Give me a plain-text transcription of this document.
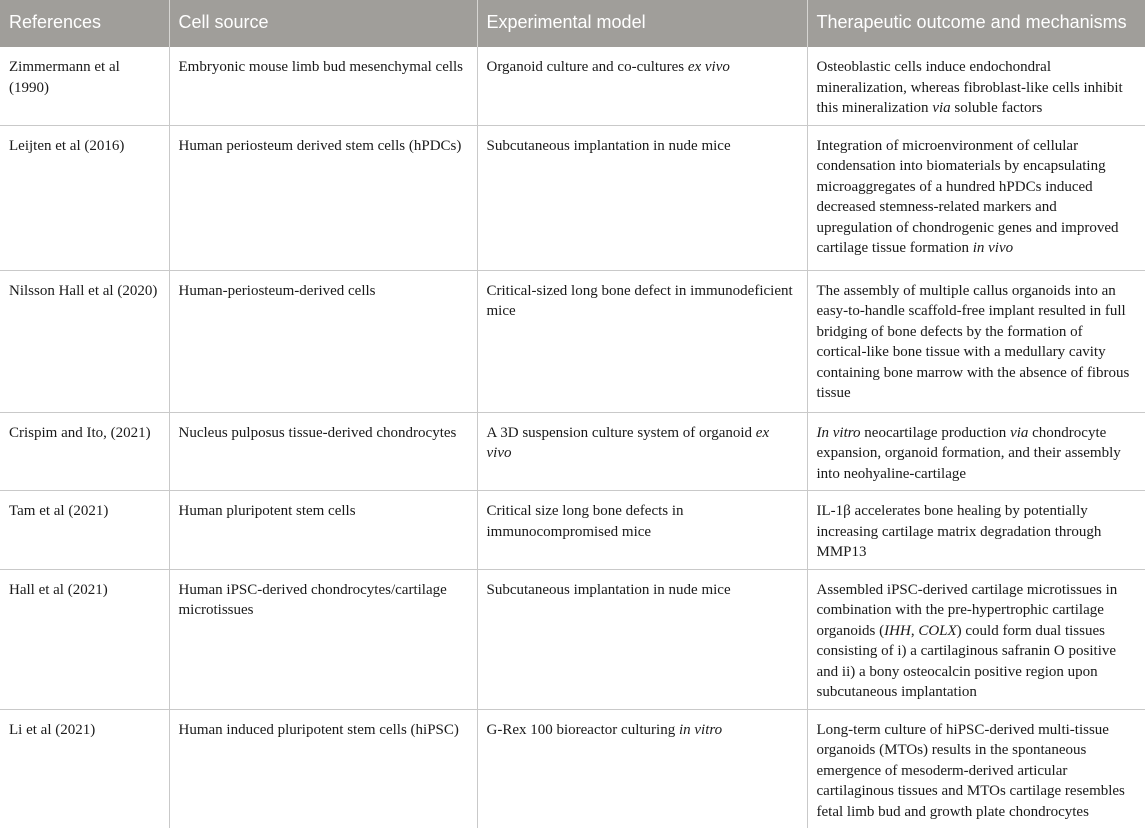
References	Cell source	Experimental model	Therapeutic outcome and mechanisms
Zimmermann et al (1990)	Embryonic mouse limb bud mesenchymal cells	Organoid culture and co-cultures ex vivo	Osteoblastic cells induce endochondral mineralization, whereas fibroblast-like cells inhibit this mineralization via soluble factors
Leijten et al (2016)	Human periosteum derived stem cells (hPDCs)	Subcutaneous implantation in nude mice	Integration of microenvironment of cellular condensation into biomaterials by encapsulating microaggregates of a hundred hPDCs induced decreased stemness-related markers and upregulation of chondrogenic genes and improved cartilage tissue formation in vivo
Nilsson Hall et al (2020)	Human-periosteum-derived cells	Critical-sized long bone defect in immunodeficient mice	The assembly of multiple callus organoids into an easy-to-handle scaffold-free implant resulted in full bridging of bone defects by the formation of cortical-like bone tissue with a medullary cavity containing bone marrow with the absence of fibrous tissue
Crispim and Ito, (2021)	Nucleus pulposus tissue-derived chondrocytes	A 3D suspension culture system of organoid ex vivo	In vitro neocartilage production via chondrocyte expansion, organoid formation, and their assembly into neohyaline-cartilage
Tam et al (2021)	Human pluripotent stem cells	Critical size long bone defects in immunocompromised mice	IL-1β accelerates bone healing by potentially increasing cartilage matrix degradation through MMP13
Hall et al (2021)	Human iPSC-derived chondrocytes/cartilage microtissues	Subcutaneous implantation in nude mice	Assembled iPSC-derived cartilage microtissues in combination with the pre-hypertrophic cartilage organoids (IHH, COLX) could form dual tissues consisting of i) a cartilaginous safranin O positive and ii) a bony osteocalcin positive region upon subcutaneous implantation
Li et al (2021)	Human induced pluripotent stem cells (hiPSC)	G-Rex 100 bioreactor culturing in vitro	Long-term culture of hiPSC-derived multi-tissue organoids (MTOs) results in the spontaneous emergence of mesoderm-derived articular cartilaginous tissues and MTOs cartilage resembles fetal limb bud and growth plate chondrocytes
